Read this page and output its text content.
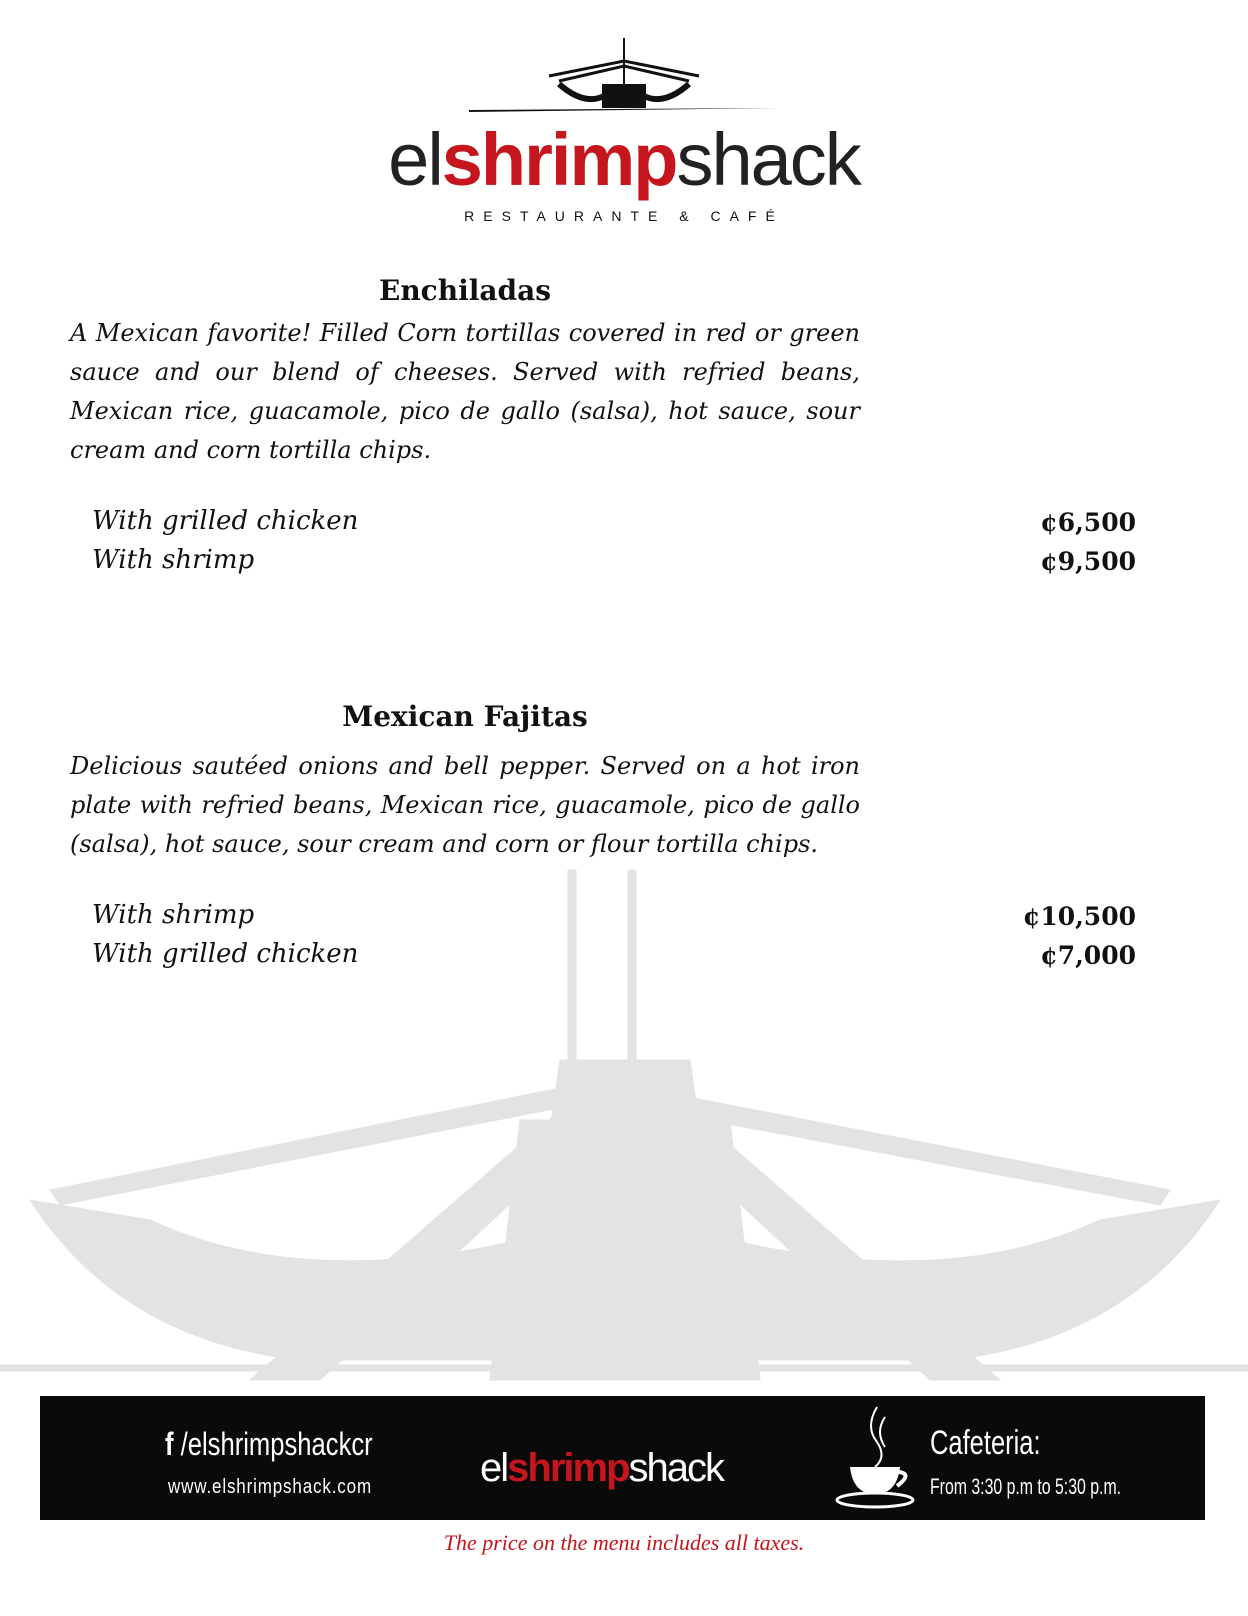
elshrimpshack
RESTAURANTE & CAFÉ
Enchiladas
A Mexican favorite! Filled Corn tortillas covered in red or green sauce and our blend of cheeses. Served with refried beans, Mexican rice, guacamole, pico de gallo (salsa), hot sauce, sour cream and corn tortilla chips.
With grilled chicken	¢6,500
With shrimp	¢9,500
Mexican Fajitas
Delicious sautéed onions and bell pepper. Served on a hot iron plate with refried beans, Mexican rice, guacamole, pico de gallo (salsa), hot sauce, sour cream and corn or flour tortilla chips.
With shrimp	¢10,500
With grilled chicken	¢7,000
f /elshrimpshackcr
www.elshrimpshack.com	elshrimpshack
Cafeteria:
From 3:30 p.m to 5:30 p.m.
The price on the menu includes all taxes.
